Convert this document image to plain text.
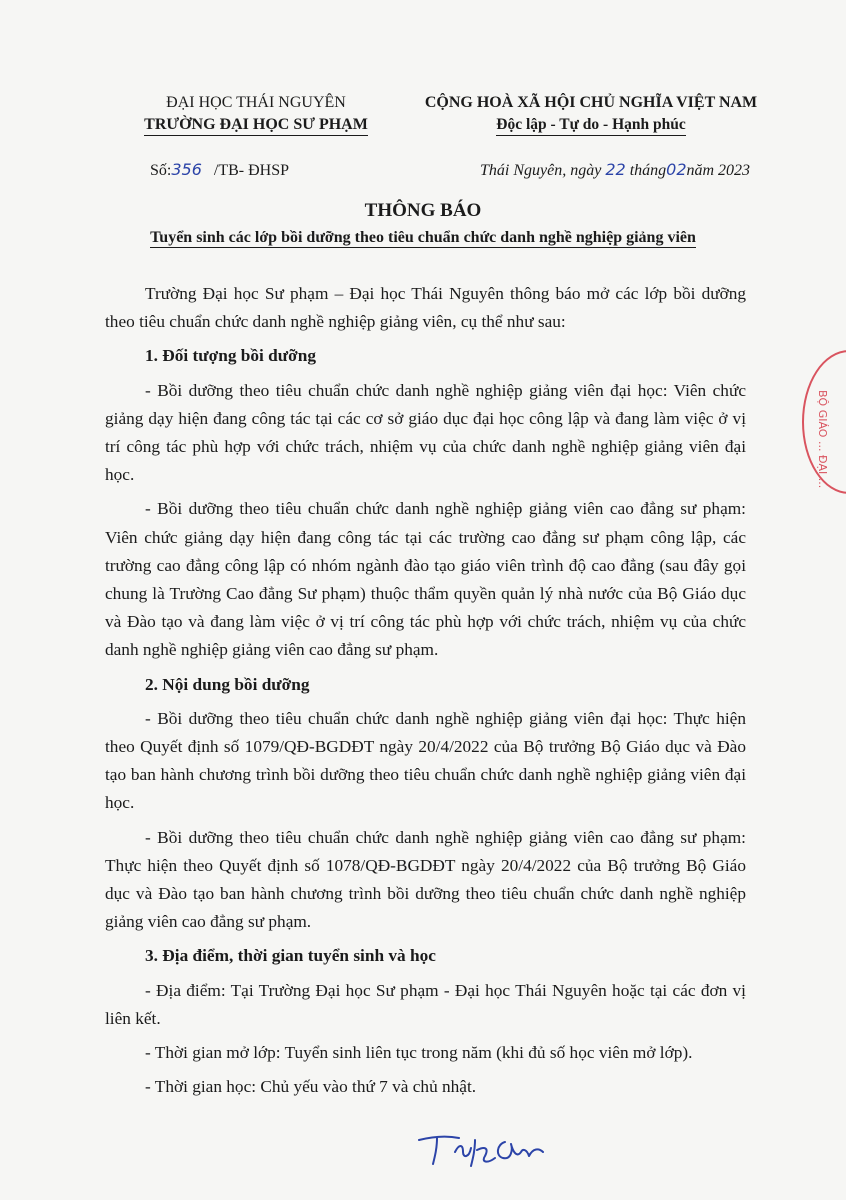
ĐẠI HỌC THÁI NGUYÊN
TRƯỜNG ĐẠI HỌC SƯ PHẠM
CỘNG HOÀ XÃ HỘI CHỦ NGHĨA VIỆT NAM
Độc lập - Tự do - Hạnh phúc
Số:356 /TB- ĐHSP	Thái Nguyên, ngày 22 tháng02năm 2023
THÔNG BÁO
Tuyển sinh các lớp bồi dưỡng theo tiêu chuẩn chức danh nghề nghiệp giảng viên

Trường Đại học Sư phạm – Đại học Thái Nguyên thông báo mở các lớp bồi dưỡng theo tiêu chuẩn chức danh nghề nghiệp giảng viên, cụ thể như sau:

1. Đối tượng bồi dưỡng

- Bồi dưỡng theo tiêu chuẩn chức danh nghề nghiệp giảng viên đại học: Viên chức giảng dạy hiện đang công tác tại các cơ sở giáo dục đại học công lập và đang làm việc ở vị trí công tác phù hợp với chức trách, nhiệm vụ của chức danh nghề nghiệp giảng viên đại học.

- Bồi dưỡng theo tiêu chuẩn chức danh nghề nghiệp giảng viên cao đẳng sư phạm: Viên chức giảng dạy hiện đang công tác tại các trường cao đẳng sư phạm công lập, các trường cao đẳng công lập có nhóm ngành đào tạo giáo viên trình độ cao đẳng (sau đây gọi chung là Trường Cao đẳng Sư phạm) thuộc thẩm quyền quản lý nhà nước của Bộ Giáo dục và Đào tạo và đang làm việc ở vị trí công tác phù hợp với chức trách, nhiệm vụ của chức danh nghề nghiệp giảng viên cao đẳng sư phạm.

2. Nội dung bồi dưỡng

- Bồi dưỡng theo tiêu chuẩn chức danh nghề nghiệp giảng viên đại học: Thực hiện theo Quyết định số 1079/QĐ-BGDĐT ngày 20/4/2022 của Bộ trưởng Bộ Giáo dục và Đào tạo ban hành chương trình bồi dưỡng theo tiêu chuẩn chức danh nghề nghiệp giảng viên đại học.

- Bồi dưỡng theo tiêu chuẩn chức danh nghề nghiệp giảng viên cao đẳng sư phạm: Thực hiện theo Quyết định số 1078/QĐ-BGDĐT ngày 20/4/2022 của Bộ trưởng Bộ Giáo dục và Đào tạo ban hành chương trình bồi dưỡng theo tiêu chuẩn chức danh nghề nghiệp giảng viên cao đẳng sư phạm.

3. Địa điểm, thời gian tuyển sinh và học

- Địa điểm: Tại Trường Đại học Sư phạm - Đại học Thái Nguyên hoặc tại các đơn vị liên kết.

- Thời gian mở lớp: Tuyển sinh liên tục trong năm (khi đủ số học viên mở lớp).

- Thời gian học: Chủ yếu vào thứ 7 và chủ nhật.

BỘ GIÁO ... ĐẠI ...
